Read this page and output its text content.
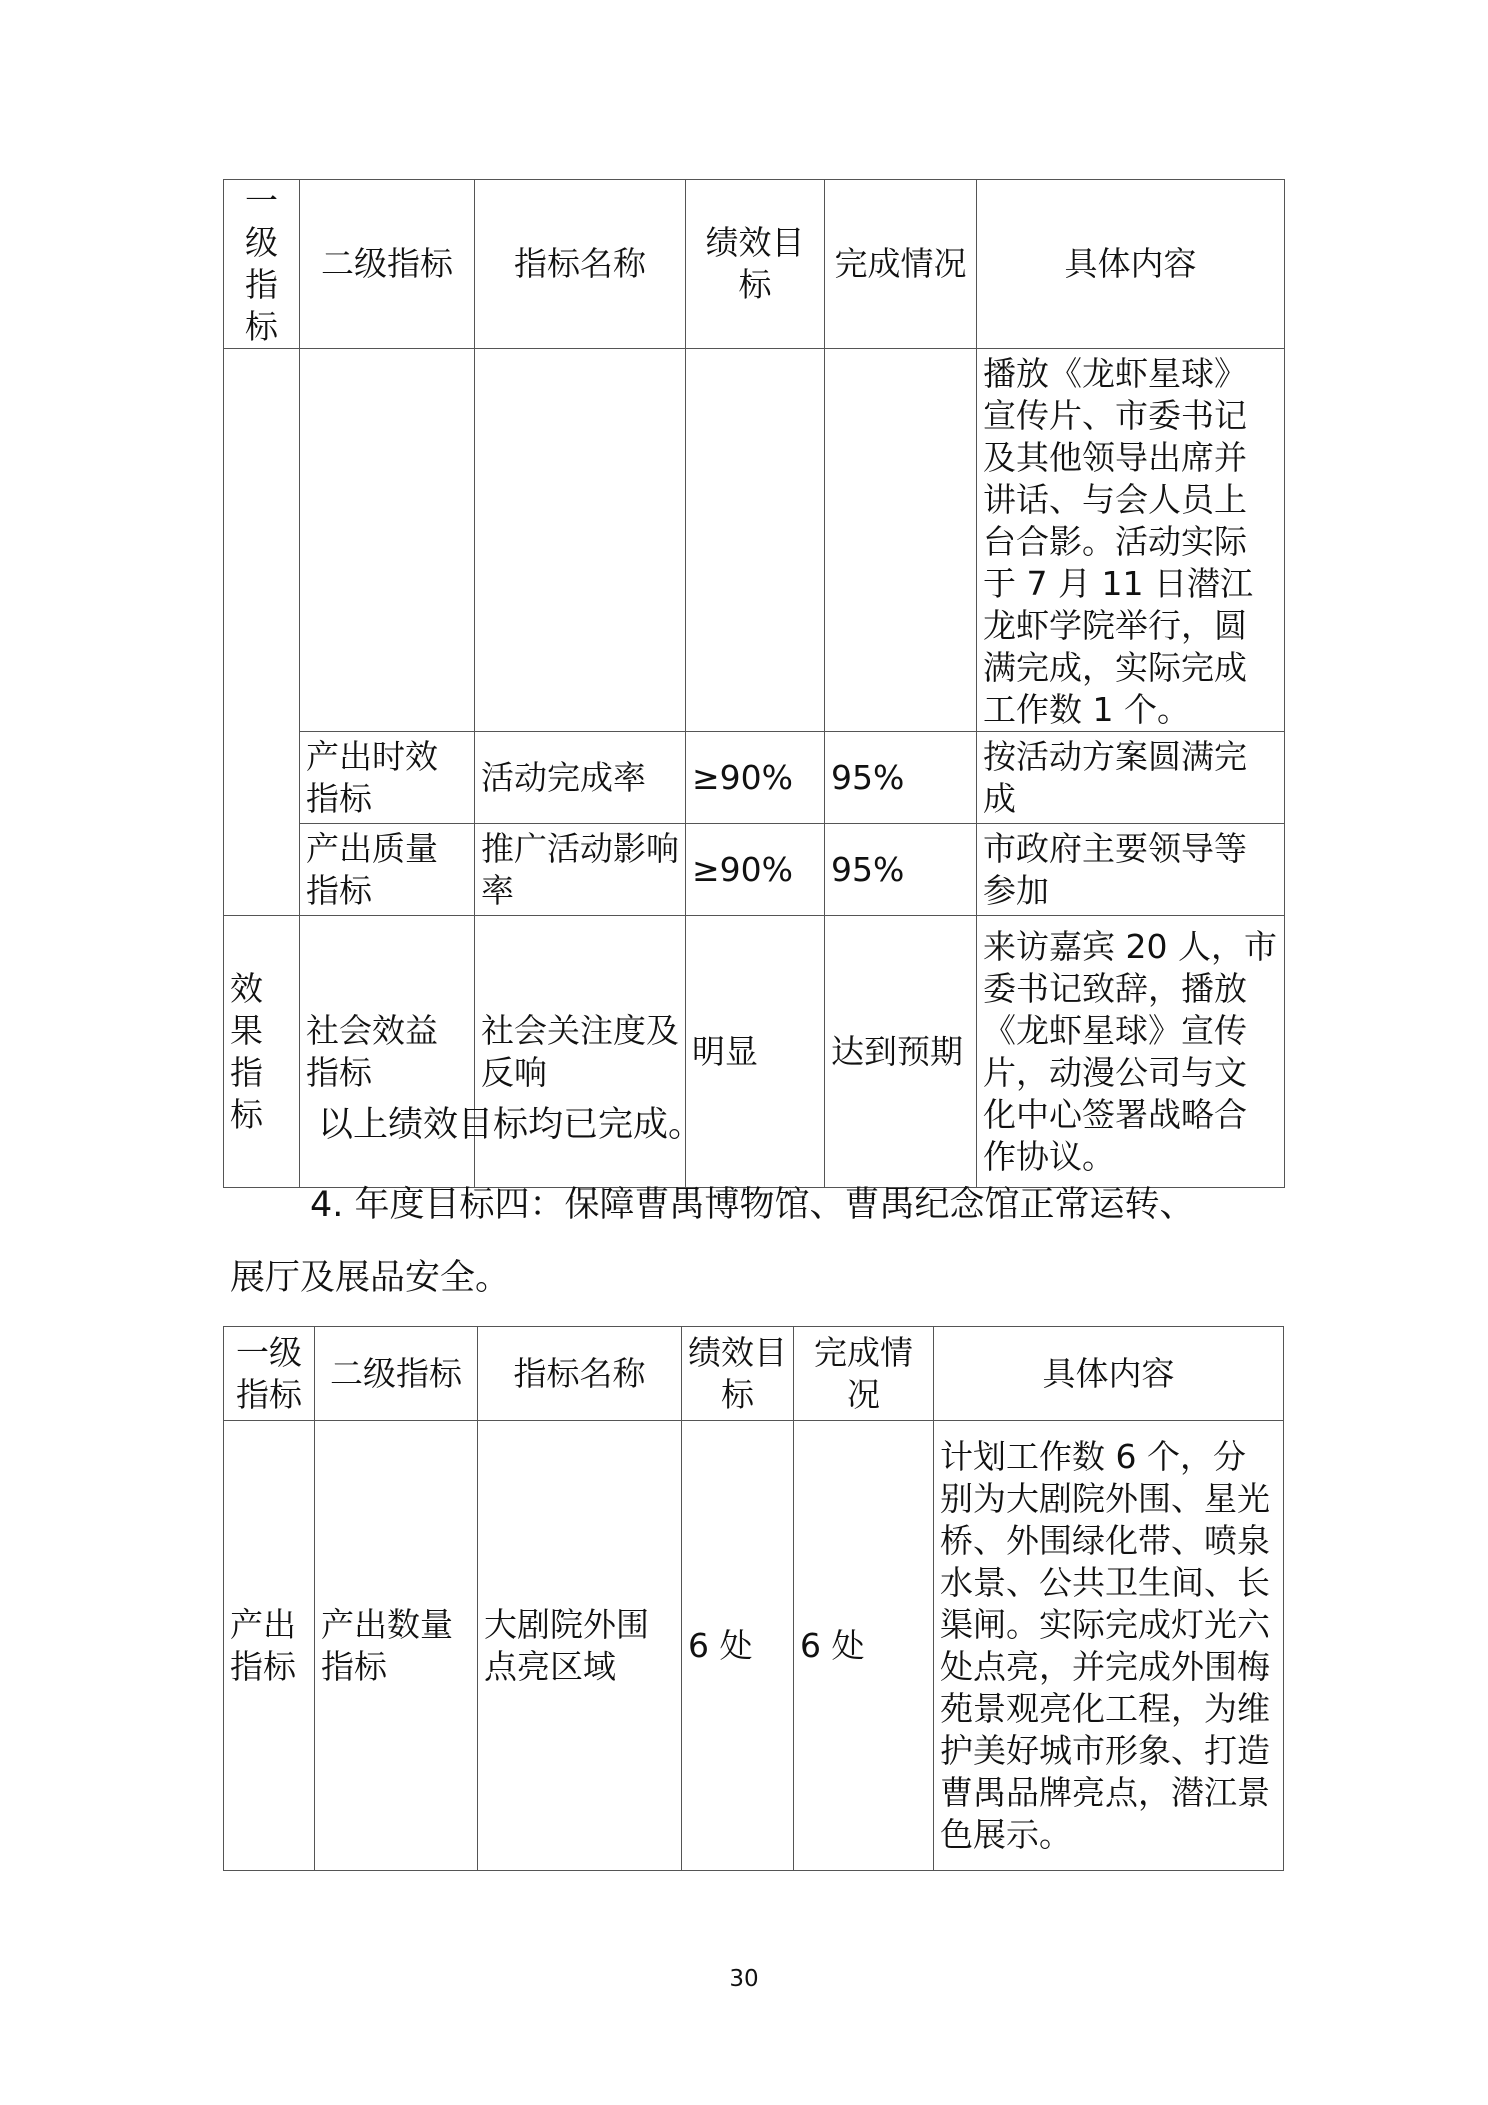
一级指标	二级指标	指标名称	绩效目标	完成情况	具体内容
					播放《龙虾星球》宣传片、市委书记及其他领导出席并讲话、与会人员上台合影。活动实际于 7 月 11 日潜江龙虾学院举行，圆满完成，实际完成工作数 1 个。
	产出时效指标	活动完成率	≥90%	95%	按活动方案圆满完成
	产出质量指标	推广活动影响率	≥90%	95%	市政府主要领导等参加
效果指标	社会效益指标	社会关注度及反响	明显	达到预期	来访嘉宾 20 人，市委书记致辞，播放《龙虾星球》宣传片，动漫公司与文化中心签署战略合作协议。
以上绩效目标均已完成。
4. 年度目标四：保障曹禺博物馆、曹禺纪念馆正常运转、
展厅及展品安全。
一级指标	二级指标	指标名称	绩效目标	完成情况	具体内容
产出指标	产出数量指标	大剧院外围点亮区域	6 处	6 处	计划工作数 6 个，分别为大剧院外围、星光桥、外围绿化带、喷泉水景、公共卫生间、长渠闸。实际完成灯光六处点亮，并完成外围梅苑景观亮化工程，为维护美好城市形象、打造曹禺品牌亮点，潜江景色展示。
30
